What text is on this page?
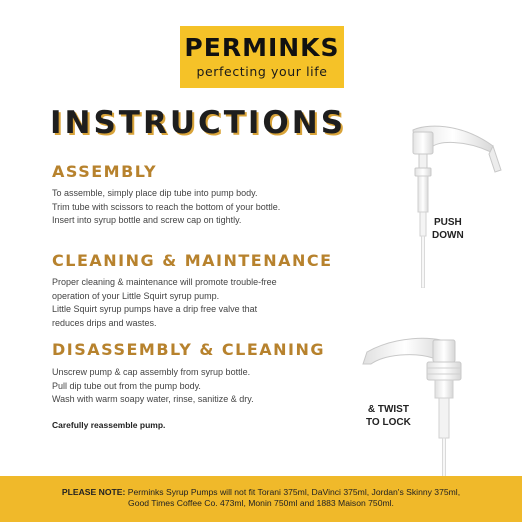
PERMINKS
perfecting your life
INSTRUCTIONS
ASSEMBLY
To assemble, simply place dip tube into pump body.
Trim tube with scissors to reach the bottom of your bottle.
Insert into syrup bottle and screw cap on tightly.
CLEANING & MAINTENANCE
Proper cleaning & maintenance will promote trouble-free
operation of your Little Squirt syrup pump.
Little Squirt syrup pumps have a drip free valve that
reduces drips and wastes.
DISASSEMBLY & CLEANING
Unscrew pump & cap assembly from syrup bottle.
Pull dip tube out from the pump body.
Wash with warm soapy water, rinse, sanitize & dry.
Carefully reassemble pump.
PUSH
DOWN
& TWIST
TO LOCK
PLEASE NOTE: Perminks Syrup Pumps will not fit Torani 375ml, DaVinci 375ml, Jordan's Skinny 375ml,
Good Times Coffee Co. 473ml, Monin 750ml and 1883 Maison 750ml.
